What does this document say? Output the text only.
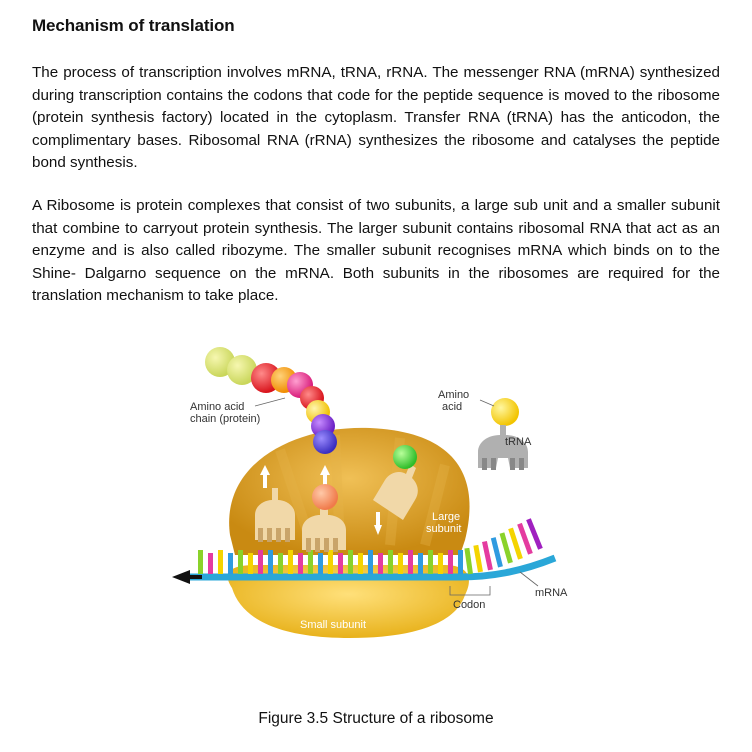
Mechanism of translation

The process of transcription involves mRNA, tRNA, rRNA. The messenger RNA (mRNA) synthesized during transcription contains the codons that code for the peptide sequence is moved to the ribosome (protein synthesis factory) located in the cytoplasm. Transfer RNA (tRNA) has the anticodon, the complimentary bases. Ribosomal RNA (rRNA) synthesizes the ribosome and catalyses the peptide bond synthesis.

A Ribosome is protein complexes that consist of two subunits, a large sub unit and a smaller subunit that combine to carryout protein synthesis. The larger subunit contains ribosomal RNA that act as an enzyme and is also called ribozyme. The smaller subunit recognises mRNA which binds on to the Shine- Dalgarno sequence on the mRNA. Both subunits in the ribosomes are required for the translation mechanism to take place.

Amino acid
chain (protein)
Amino
acid
tRNA
Large
subunit
mRNA
Codon
Small subunit
Figure 3.5 Structure of a ribosome
